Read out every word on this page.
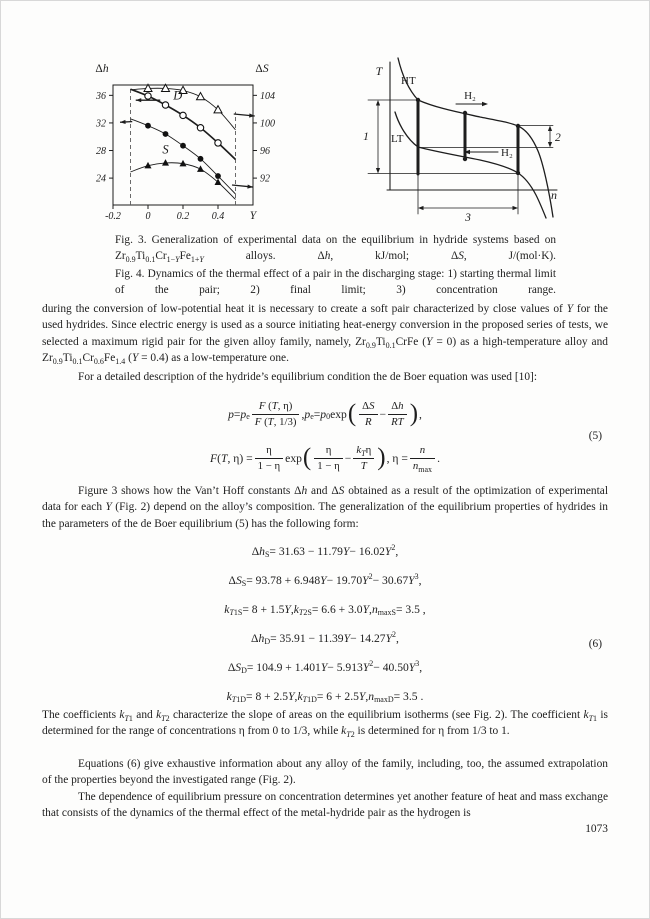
36
32
28
24
104
100
96
92
-0.2 0	0.2 0.4
Δh	ΔS
Y
D
S
T
n
HT
LT
H₂
H₂
1	2
3
Fig. 3. Generalization of experimental data on the equilibrium in hydride systems based on $Zr_{0.9}Ti_{0.1}Cr_{1-Y}Fe_{1+Y}$ alloys. Δh, kJ/mol; ΔS, J/(mol·K).
Fig. 4. Dynamics of the thermal effect of a pair in the discharging stage: 1) starting thermal limit of the pair; 2) final limit; 3) concentration range.
during the conversion of low-potential heat it is necessary to create a soft pair characterized by close values of Y for the used hydrides. Since electric energy is used as a source initiating heat-energy conversion in the proposed series of tests, we selected a maximum rigid pair for the given alloy family, namely, $Zr_{0.9}Ti_{0.1}CrFe$ (Y = 0) as a high-temperature alloy and $Zr_{0.9}Ti_{0.1}Cr_{0.6}Fe_{1.4}$ (Y = 0.4) as a low-temperature one.
For a detailed description of the hydride’s equilibrium condition the de Boer equation was used [10]:
$p = p_e \frac{F (T, \eta)}{F (T, 1/3)}$ , $p_e = p_0$ exp ( $\frac{\Delta S}{R} - \frac{\Delta h}{RT}$ ) ,
F ( T , $\eta) = \frac{\eta}{1 - \eta}$ exp ( $\frac{\eta}{1 - \eta} - \frac{k_T\eta}{T}$ ) , $\eta = \frac{n}{n_{max}}$ .
(5)
Figure 3 shows how the Van’t Hoff constants Δh and ΔS obtained as a result of the optimization of experimental data for each Y (Fig. 2) depend on the alloy’s composition. The generalization of the equilibrium properties of hydrides in the parameters of the de Boer equilibrium (5) has the following form:
Δ $h_S = 31.63 - 11.79$ Y − 16.02 $Y^2$ ,
Δ $S_S = 93.78 + 6.948$ Y − 19.70 $Y^2 - 30.67$ $Y^3$ ,
k $_{T1S}$ = 8 + 1.5 Y , k $_{T2S}$ = 6.6 + 3.0 Y , $n_{maxS} = 3.5$ ,
Δ $h_D = 35.91 - 11.39$ Y − 14.27 $Y^2$ ,
Δ $S_D = 104.9 + 1.401$ Y − 5.913 $Y^2 - 40.50$ $Y^3$ ,
k $_{T1D}$ = 8 + 2.5 Y , k $_{T1D}$ = 6 + 2.5 Y , $n_{maxD} = 3.5$ .
(6)
The coefficients $k_{T1}$ and $k_{T2}$ characterize the slope of areas on the equilibrium isotherms (see Fig. 2). The coefficient $k_{T1}$ is determined for the range of concentrations η from 0 to 1/3, while $k_{T2}$ is determined for η from 1/3 to 1.
Equations (6) give exhaustive information about any alloy of the family, including, too, the assumed extrapolation of the properties beyond the investigated range (Fig. 2).
The dependence of equilibrium pressure on concentration determines yet another feature of heat and mass exchange that consists of the dynamics of the thermal effect of the metal-hydride pair as the hydrogen is
1073
